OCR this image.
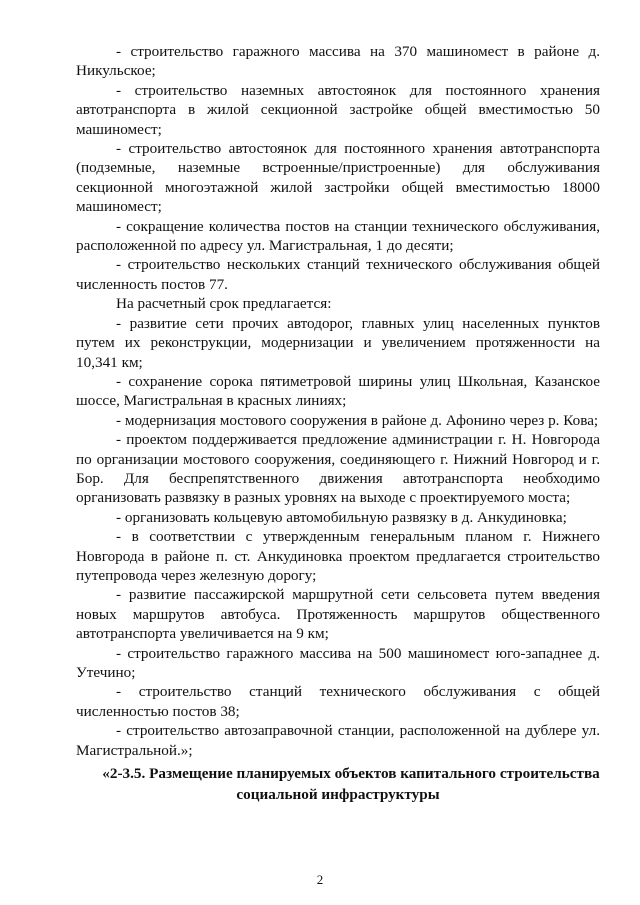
- строительство гаражного массива на 370 машиномест в районе д. Никульское;

- строительство наземных автостоянок для постоянного хранения автотранспорта в жилой секционной застройке общей вместимостью 50 машиномест;

- строительство автостоянок для постоянного хранения автотранспорта (подземные, наземные встроенные/пристроенные) для обслуживания секционной многоэтажной жилой застройки общей вместимостью 18000 машиномест;

- сокращение количества постов на станции технического обслуживания, расположенной по адресу ул. Магистральная, 1 до десяти;

- строительство нескольких станций технического обслуживания общей численность постов 77.

На расчетный срок предлагается:

- развитие сети прочих автодорог, главных улиц населенных пунктов путем их реконструкции, модернизации и увеличением протяженности на 10,341 км;

- сохранение сорока пятиметровой ширины улиц Школьная, Казанское шоссе, Магистральная в красных линиях;

- модернизация мостового сооружения в районе д. Афонино через р. Кова;

- проектом поддерживается предложение администрации г. Н. Новгорода по организации мостового сооружения, соединяющего г. Нижний Новгород и г. Бор. Для беспрепятственного движения автотранспорта необходимо организовать развязку в разных уровнях на выходе с проектируемого моста;

- организовать кольцевую автомобильную развязку в д. Анкудиновка;

- в соответствии с утвержденным генеральным планом г. Нижнего Новгорода в районе п. ст. Анкудиновка проектом предлагается строительство путепровода через железную дорогу;

- развитие пассажирской маршрутной сети сельсовета путем введения новых маршрутов автобуса. Протяженность маршрутов общественного автотранспорта увеличивается на 9 км;

- строительство гаражного массива на 500 машиномест юго-западнее д. Утечино;

- строительство станций технического обслуживания с общей численностью постов 38;

- строительство автозаправочной станции, расположенной на дублере ул. Магистральной.»;

«2-3.5. Размещение планируемых объектов капитального строительства социальной инфраструктуры
2
